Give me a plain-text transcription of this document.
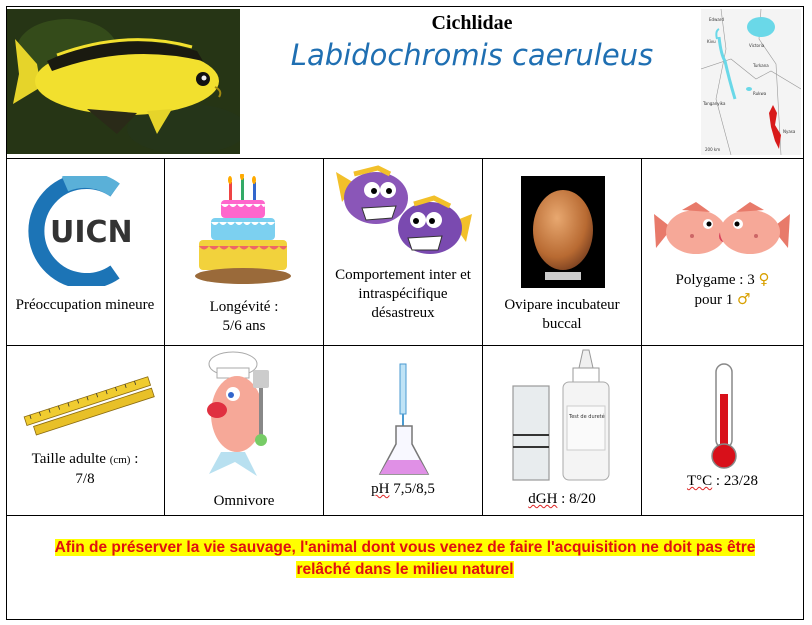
Cichlidae
Labidochromis caeruleus
Edward
Kivu
Victoria
Rukwa
Nyasa
Tanganyika
Turkana
200 km
UICN
Préoccupation mineure	Longévité :
5/6 ans
Comportement inter et intraspécifique désastreux	Ovipare incubateur buccal
Polygame : 3 ♀
pour 1 ♂
Taille adulte (cm) :
7/8
Omnivore
pH 7,5/8,5
Test de dureté
dGH : 8/20
T°C : 23/28
Afin de préserver la vie sauvage, l'animal dont vous venez de faire l'acquisition ne doit pas être
relâché dans le milieu naturel
